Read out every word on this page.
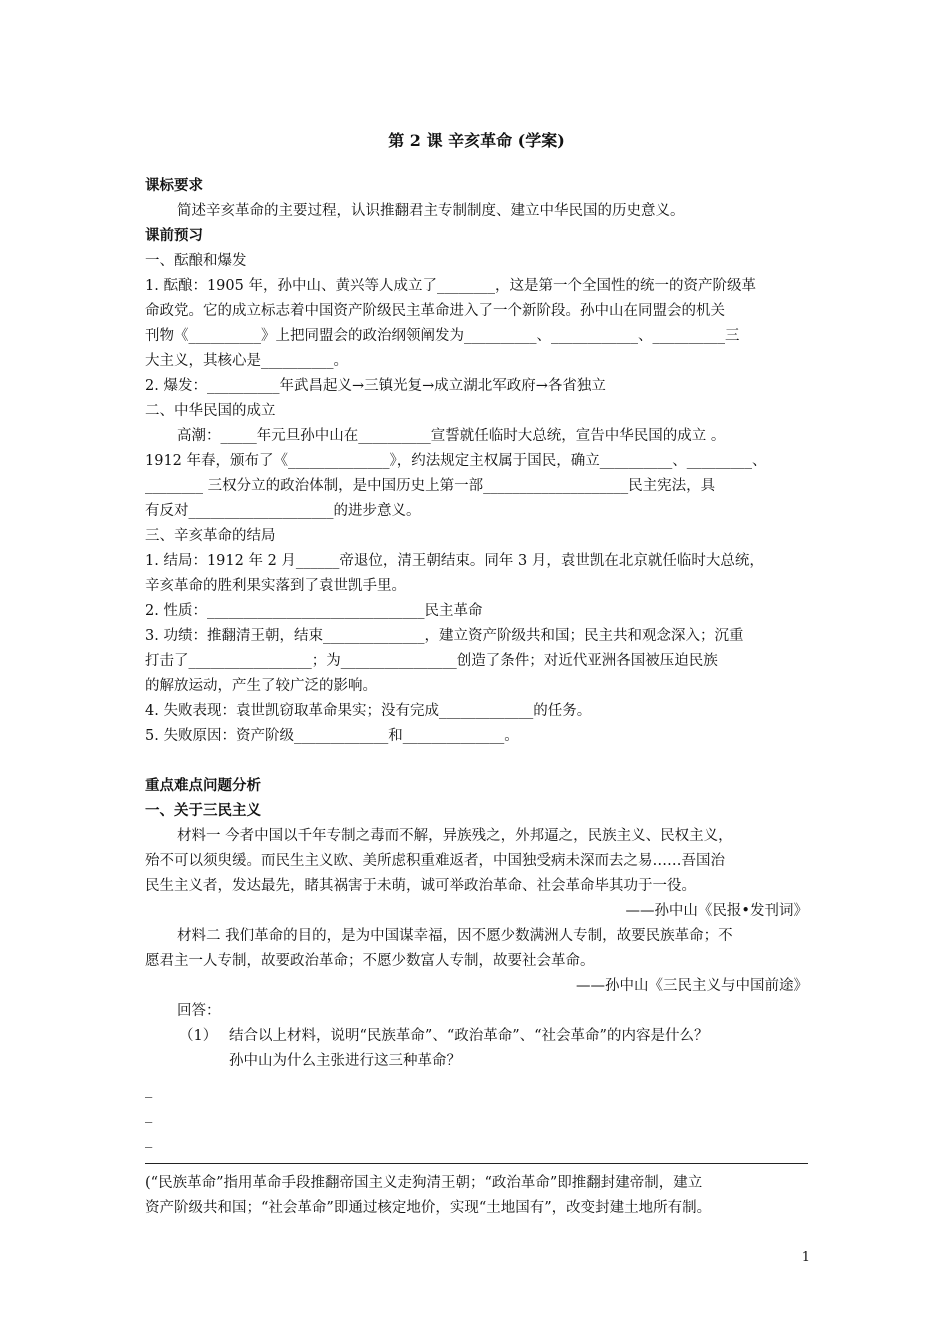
第 2 课 辛亥革命 (学案)
课标要求
简述辛亥革命的主要过程，认识推翻君主专制制度、建立中华民国的历史意义。
课前预习
一、酝酿和爆发
1. 酝酿：1905 年，孙中山、黄兴等人成立了________，这是第一个全国性的统一的资产阶级革
命政党。它的成立标志着中国资产阶级民主革命进入了一个新阶段。孙中山在同盟会的机关
刊物《__________》上把同盟会的政治纲领阐发为__________、____________、__________三
大主义，其核心是__________。
2. 爆发：__________年武昌起义→三镇光复→成立湖北军政府→各省独立
二、中华民国的成立
高潮：_____年元旦孙中山在__________宣誓就任临时大总统，宣告中华民国的成立 。
1912 年春，颁布了《______________》，约法规定主权属于国民，确立__________、_________、
________ 三权分立的政治体制，是中国历史上第一部____________________民主宪法，具
有反对____________________的进步意义。
三、辛亥革命的结局
1. 结局：1912 年 2 月______帝退位，清王朝结束。同年 3 月，袁世凯在北京就任临时大总统，
辛亥革命的胜利果实落到了袁世凯手里。
2. 性质：______________________________民主革命
3. 功绩：推翻清王朝，结束______________，建立资产阶级共和国；民主共和观念深入；沉重
打击了_________________；为________________创造了条件；对近代亚洲各国被压迫民族
的解放运动，产生了较广泛的影响。
4. 失败表现：袁世凯窃取革命果实；没有完成_____________的任务。
5. 失败原因：资产阶级_____________和______________。
重点难点问题分析
一、关于三民主义
材料一 今者中国以千年专制之毒而不解，异族残之，外邦逼之，民族主义、民权主义，
殆不可以须臾缓。而民生主义欧、美所虑积重难返者，中国独受病未深而去之易……吾国治
民生主义者，发达最先，睹其祸害于未萌，诚可举政治革命、社会革命毕其功于一役。
——孙中山《民报•发刊词》
材料二 我们革命的目的，是为中国谋幸福，因不愿少数满洲人专制，故要民族革命；不
愿君主一人专制，故要政治革命；不愿少数富人专制，故要社会革命。
——孙中山《三民主义与中国前途》
回答：
（1） 结合以上材料，说明“民族革命”、“政治革命”、“社会革命”的内容是什么？
孙中山为什么主张进行这三种革命？
_
_
_
(“民族革命”指用革命手段推翻帝国主义走狗清王朝；“政治革命”即推翻封建帝制，建立
资产阶级共和国；“社会革命”即通过核定地价，实现“土地国有”，改变封建土地所有制。
1
